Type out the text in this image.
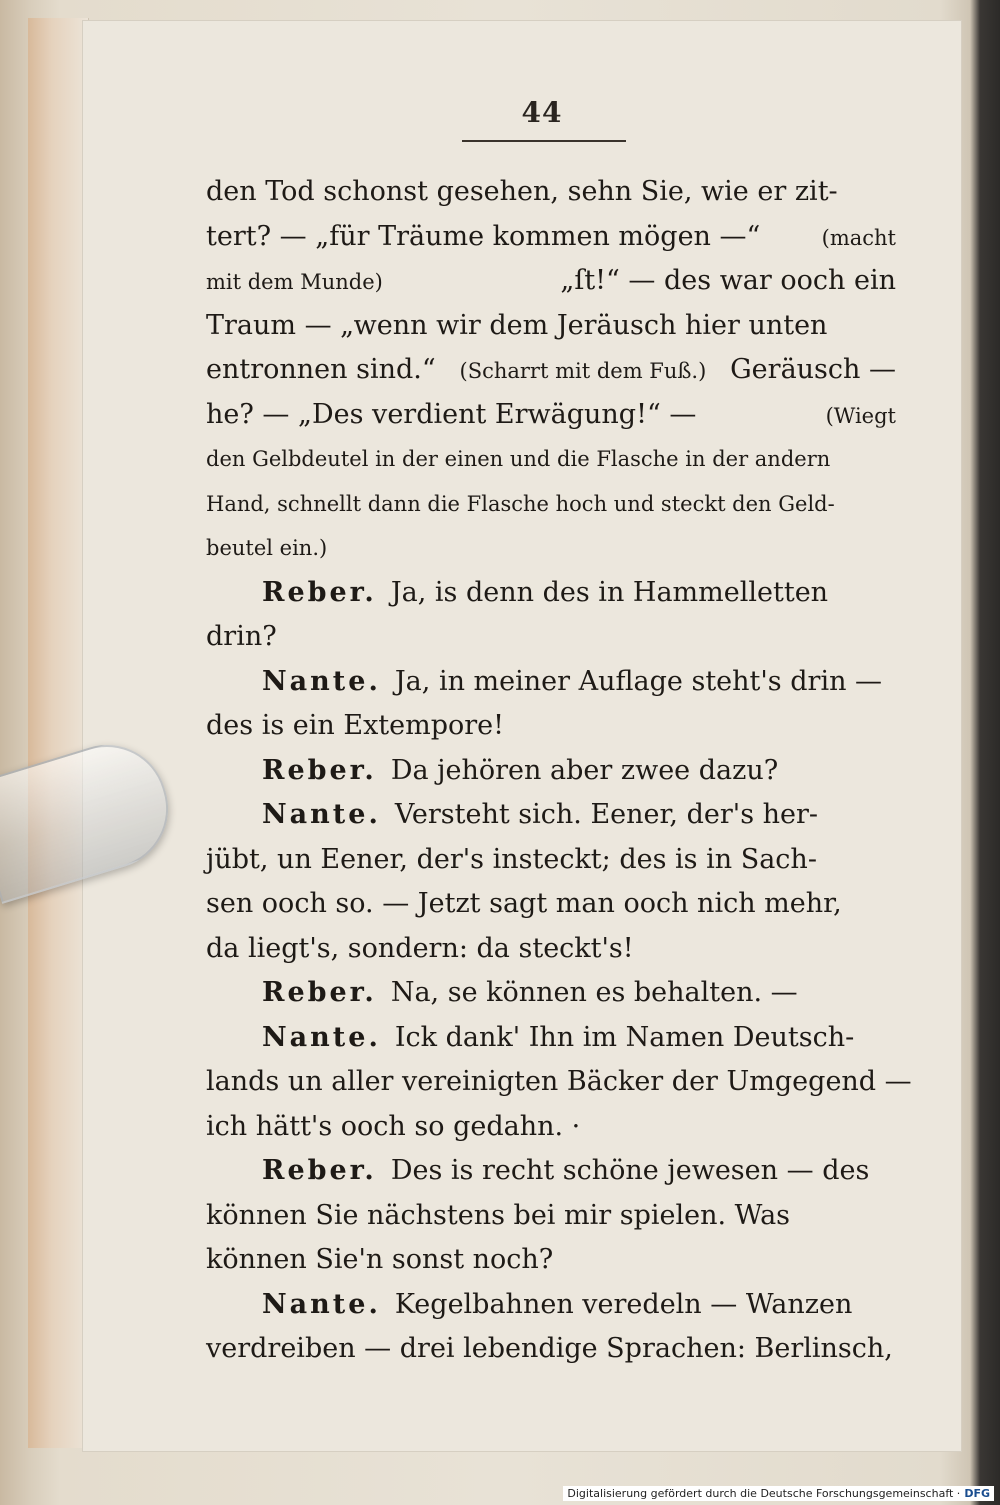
44
den Tod schonst gesehen, sehn Sie, wie er zit-
tert? — „für Träume kommen mögen —“	(macht
mit dem Munde)	„ſt!“ — des war ooch ein
Traum — „wenn wir dem Jeräusch hier unten
entronnen sind.“ (Scharrt mit dem Fuß.) Geräusch —
he? — „Des verdient Erwägung!“ —	(Wiegt
den Gelbdeutel in der einen und die Flasche in der andern
Hand, schnellt dann die Flasche hoch und steckt den Geld-
beutel ein.)
Reber. Ja, is denn des in Hammelletten
drin?
Nante. Ja, in meiner Auflage steht's drin —
des is ein Extempore!
Reber. Da jehören aber zwee dazu?
Nante. Versteht sich. Eener, der's her-
jübt, un Eener, der's insteckt; des is in Sach-
sen ooch so. — Jetzt sagt man ooch nich mehr,
da liegt's, sondern: da steckt's!
Reber. Na, se können es behalten. —
Nante. Ick dank' Ihn im Namen Deutsch-
lands un aller vereinigten Bäcker der Umgegend —
ich hätt's ooch so gedahn. ·
Reber. Des is recht schöne jewesen — des
können Sie nächstens bei mir spielen. Was
können Sie'n sonst noch?
Nante. Kegelbahnen veredeln — Wanzen
verdreiben — drei lebendige Sprachen: Berlinsch,
Digitalisierung gefördert durch die Deutsche Forschungsgemeinschaft · DFG
